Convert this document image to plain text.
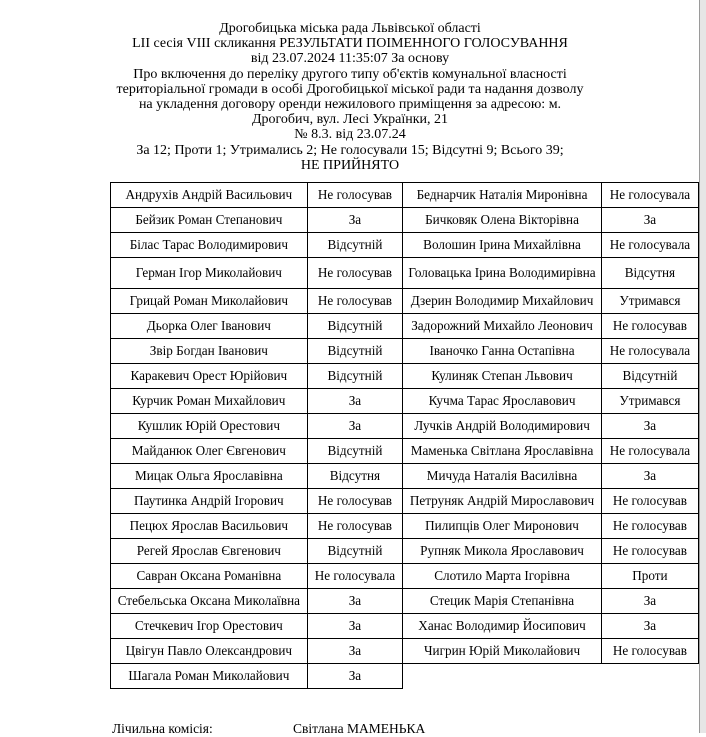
Дрогобицька міська рада Львівської області
LII сесія VIII скликання РЕЗУЛЬТАТИ ПОІМЕННОГО ГОЛОСУВАННЯ
від 23.07.2024 11:35:07 За основу
Про включення до переліку другого типу об'єктів комунальної власності
територіальної громади в особі Дрогобицької міської ради та надання дозволу
на укладення договору оренди нежилового приміщення за адресою: м.
Дрогобич, вул. Лесі Українки, 21
№ 8.3. від 23.07.24
За 12; Проти 1; Утримались 2; Не голосували 15; Відсутні 9; Всього 39;
НЕ ПРИЙНЯТО
Андрухів Андрій Васильович	Не голосував	Беднарчик Наталія Миронівна	Не голосувала
Бейзик Роман Степанович	За	Бичковяк Олена Вікторівна	За
Білас Тарас Володимирович	Відсутній	Волошин Ірина Михайлівна	Не голосувала
Герман Ігор Миколайович	Не голосував	Головацька Ірина Володимирівна	Відсутня
Грицай Роман Миколайович	Не голосував	Дзерин Володимир Михайлович	Утримався
Дьорка Олег Іванович	Відсутній	Задорожний Михайло Леонович	Не голосував
Звір Богдан Іванович	Відсутній	Іваночко Ганна Остапівна	Не голосувала
Каракевич Орест Юрійович	Відсутній	Кулиняк Степан Львович	Відсутній
Курчик Роман Михайлович	За	Кучма Тарас Ярославович	Утримався
Кушлик Юрій Орестович	За	Лучків Андрій Володимирович	За
Майданюк Олег Євгенович	Відсутній	Маменька Світлана Ярославівна	Не голосувала
Мицак Ольга Ярославівна	Відсутня	Мичуда Наталія Василівна	За
Паутинка Андрій Ігорович	Не голосував	Петруняк Андрій Мирославович	Не голосував
Пецюх Ярослав Васильович	Не голосував	Пилипців Олег Миронович	Не голосував
Регей Ярослав Євгенович	Відсутній	Рупняк Микола Ярославович	Не голосував
Савран Оксана Романівна	Не голосувала	Слотило Марта Ігорівна	Проти
Стебельська Оксана Миколаївна	За	Стецик Марія Степанівна	За
Стечкевич Ігор Орестович	За	Ханас Володимир Йосипович	За
Цвігун Павло Олександрович	За	Чигрин Юрій Миколайович	Не голосував
Шагала Роман Миколайович	За		
Лічильна комісія:	Світлана МАМЕНЬКА
